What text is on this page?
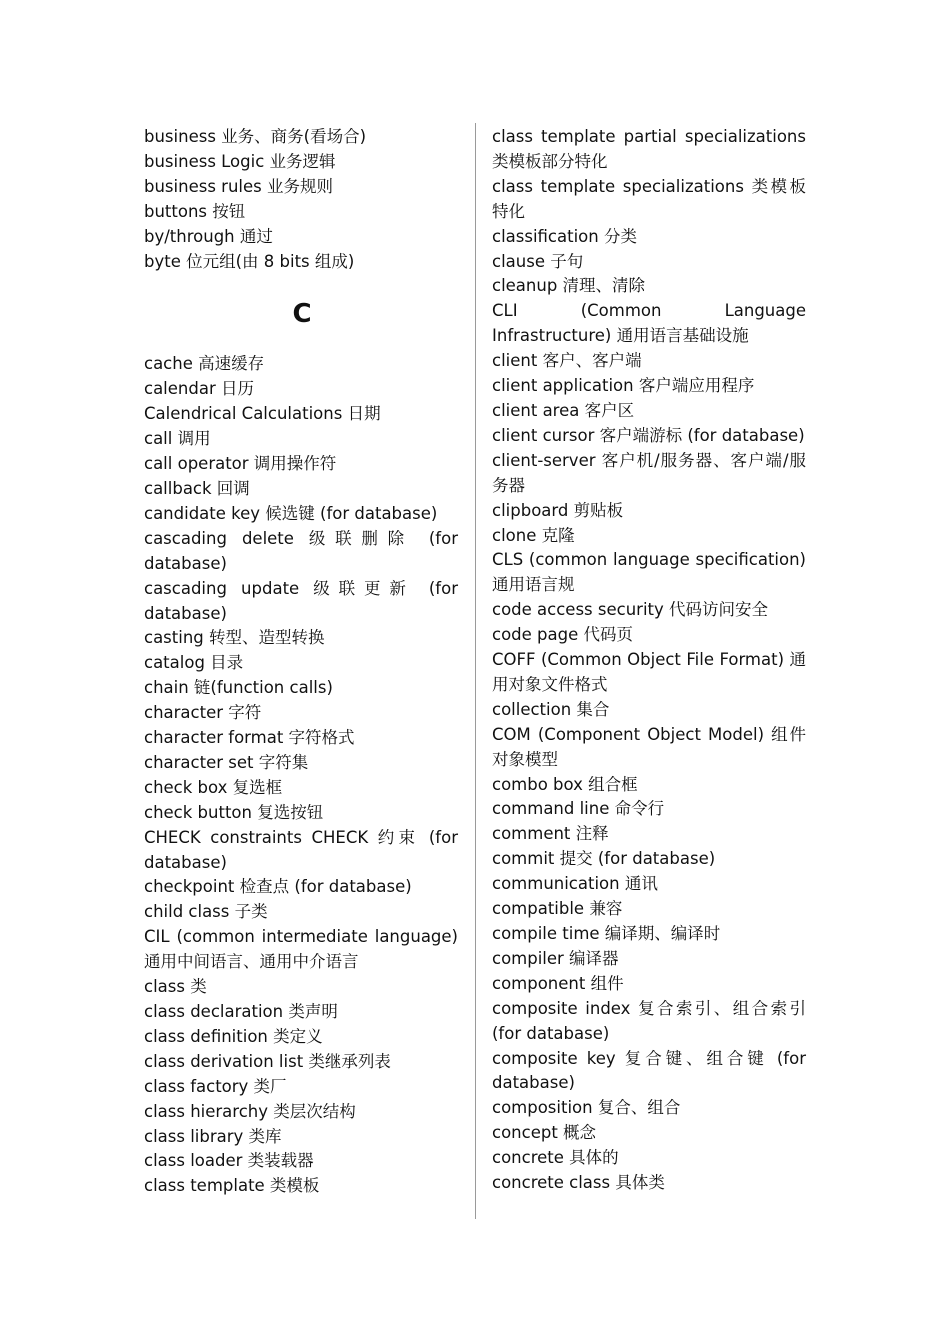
business 业务、商务(看场合)

business Logic 业务逻辑

business rules 业务规则

buttons 按钮

by/through 通过

byte 位元组(由 8 bits 组成)

C

cache 高速缓存

calendar 日历

Calendrical Calculations 日期

call 调用

call operator 调用操作符

callback 回调

candidate key 候选键 (for database)

cascading delete 级联删除 (for database)

cascading update 级联更新 (for database)

casting 转型、造型转换

catalog 目录

chain 链(function calls)

character 字符

character format 字符格式

character set 字符集

check box 复选框

check button 复选按钮

CHECK constraints CHECK 约束 (for database)

checkpoint 检查点 (for database)

child class 子类

CIL (common intermediate language) 通用中间语言、通用中介语言

class 类

class declaration 类声明

class definition 类定义

class derivation list 类继承列表

class factory 类厂

class hierarchy 类层次结构

class library 类库

class loader 类装载器

class template 类模板

class template partial specializations 类模板部分特化

class template specializations 类模板特化

classification 分类

clause 子句

cleanup 清理、清除

CLI (Common Language Infrastructure) 通用语言基础设施

client 客户、客户端

client application 客户端应用程序

client area 客户区

client cursor 客户端游标 (for database)

client-server 客户机/服务器、客户端/服务器

clipboard 剪贴板

clone 克隆

CLS (common language specification) 通用语言规

code access security 代码访问安全

code page 代码页

COFF (Common Object File Format) 通用对象文件格式

collection 集合

COM (Component Object Model) 组件对象模型

combo box 组合框

command line 命令行

comment 注释

commit 提交 (for database)

communication 通讯

compatible 兼容

compile time 编译期、编译时

compiler 编译器

component 组件

composite index 复合索引、组合索引 (for database)

composite key 复合键、组合键 (for database)

composition 复合、组合

concept 概念

concrete 具体的

concrete class 具体类
